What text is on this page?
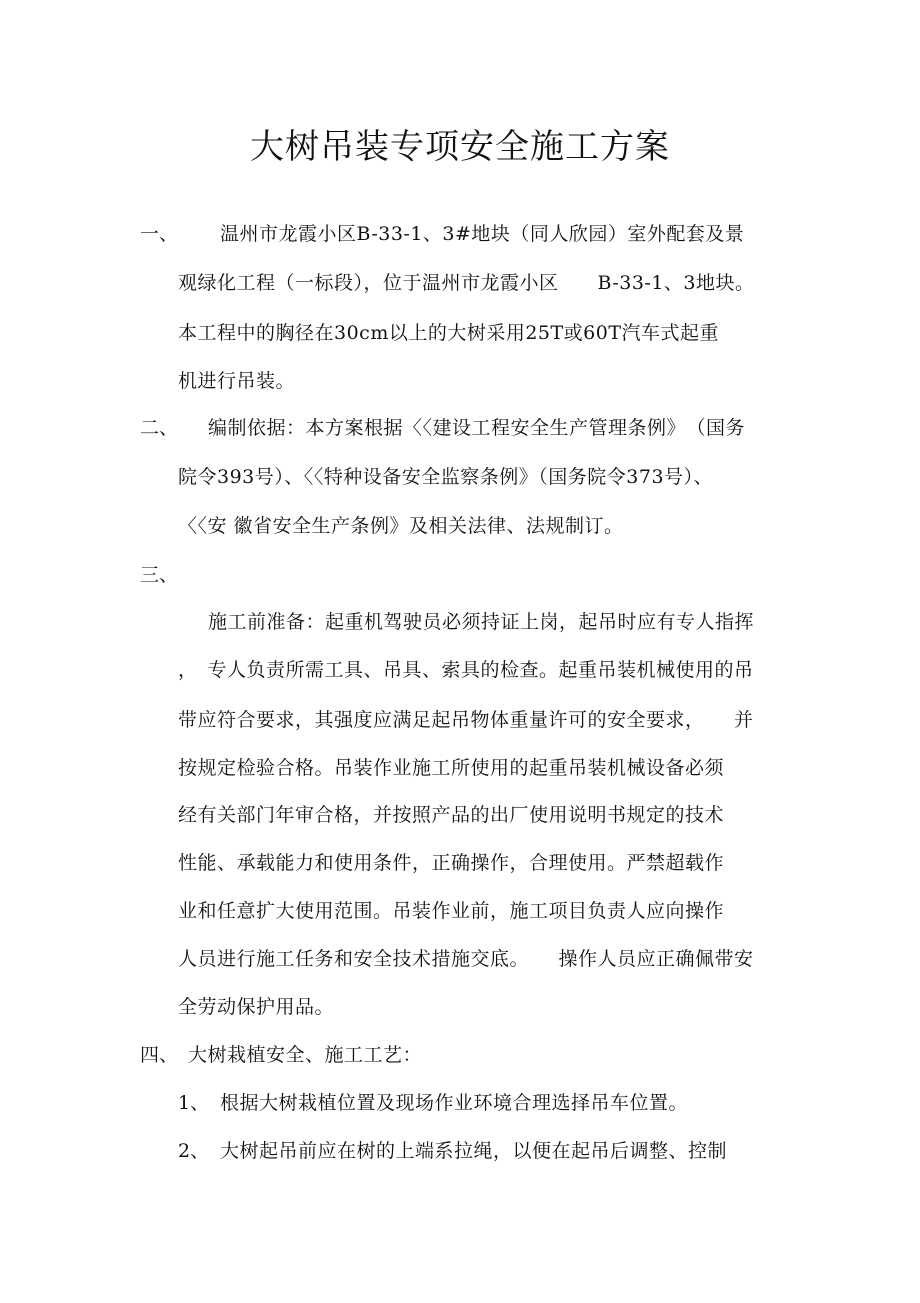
大树吊装专项安全施工方案
一、 温州市龙霞小区B-33-1、3#地块（同人欣园）室外配套及景
观绿化工程（一标段），位于温州市龙霞小区　　B-33-1、3地块。
本工程中的胸径在30cm以上的大树采用25T或60T汽车式起重
机进行吊装。
二、 编制依据：本方案根据〈〈建设工程安全生产管理条例》　（国务
院令393号）、〈〈特种设备安全监察条例》（国务院令373号）、
〈〈安 徽省安全生产条例》及相关法律、法规制订。
三、
施工前准备：起重机驾驶员必须持证上岗，起吊时应有专人指挥
，　专人负责所需工具、吊具、索具的检查。起重吊装机械使用的吊
带应符合要求，其强度应满足起吊物体重量许可的安全要求，　　并
按规定检验合格。吊装作业施工所使用的起重吊装机械设备必须
经有关部门年审合格，并按照产品的出厂使用说明书规定的技术
性能、承载能力和使用条件，正确操作，合理使用。严禁超载作
业和任意扩大使用范围。吊装作业前，施工项目负责人应向操作
人员进行施工任务和安全技术措施交底。　　操作人员应正确佩带安
全劳动保护用品。
四、 大树栽植安全、施工工艺：
1、 根据大树栽植位置及现场作业环境合理选择吊车位置。
2、 大树起吊前应在树的上端系拉绳，以便在起吊后调整、控制
